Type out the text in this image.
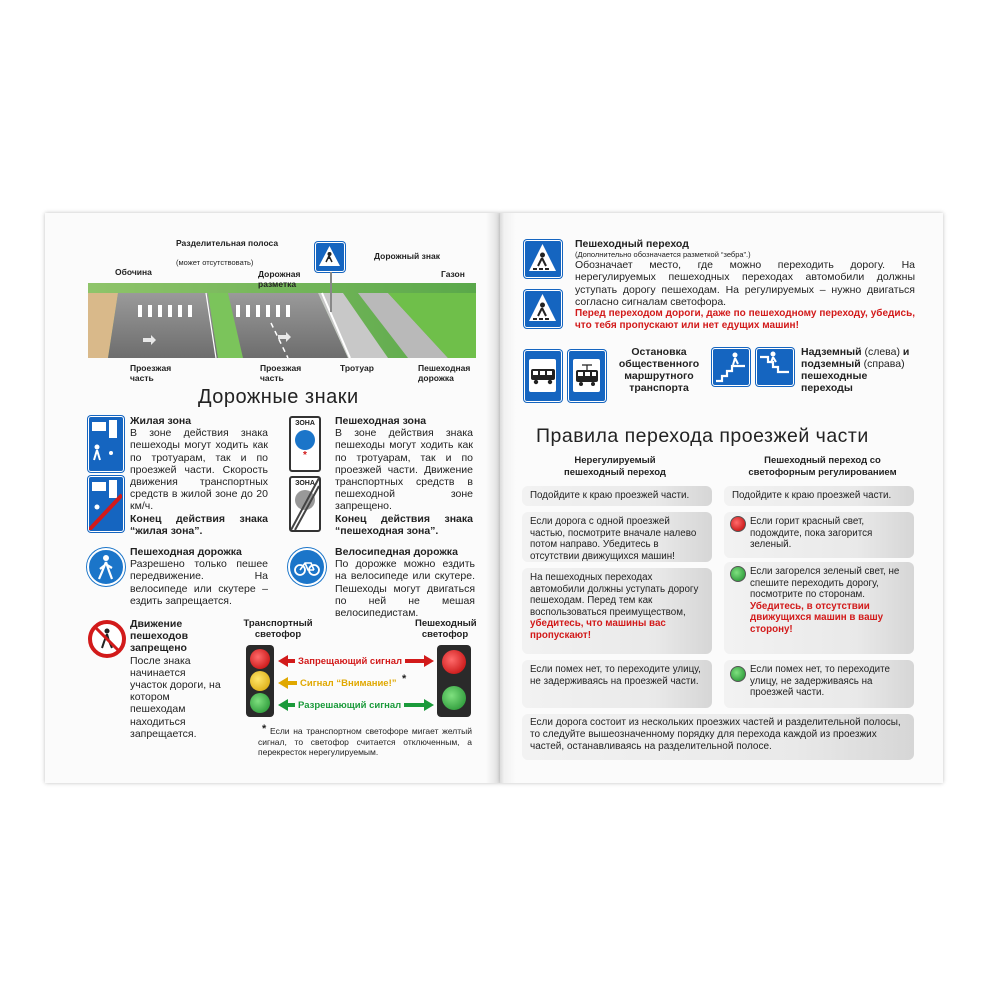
Разделительная полоса
(может отсутствовать)
Обочина	Дорожная разметка
Дорожный знак
Газон
Проезжая часть
Проезжая часть
Тротуар	Пешеходная дорожка
Дорожные знаки
Жилая зона
В зоне действия знака пешеходы могут ходить как по тротуарам, так и по проезжей части. Скорость движения транспортных средств в жилой зоне до 20 км/ч.
Конец действия знака “жилая зона”.
ЗОНА
*
ЗОНА
Пешеходная зона
В зоне действия знака пешеходы могут ходить как по тротуарам, так и по проезжей части. Движение транспортных средств в пешеходной зоне запрещено.
Конец действия знака “пешеходная зона”.
Пешеходная дорожка
Разрешено только пешее передвижение. На велосипеде или скутере – ездить запрещается.
Велосипедная дорожка
По дорожке можно ездить на велосипеде или скутере. Пешеходы могут двигаться по ней не мешая велосипедистам.
Движение пешеходов запрещено
После знака начинается участок дороги, на котором пешеходам находиться запрещается.
Транспортный светофор
Пешеходный светофор
Запрещающий сигнал
Сигнал “Внимание!” *
Разрешающий сигнал
* Если на транспортном светофоре мигает желтый сигнал, то светофор считается отключенным, а перекресток нерегулируемым.
Пешеходный переход
(Дополнительно обозначается разметкой “зебра”.)
Обозначает место, где можно переходить дорогу. На нерегулируемых пешеходных переходах автомобили должны уступать дорогу пешеходам. На регулируемых – нужно двигаться согласно сигналам светофора.
Перед переходом дороги, даже по пешеходному переходу, убедись, что тебя пропускают или нет едущих машин!
Остановка общественного маршрутного транспорта
Надземный (слева) и подземный (справа) пешеходные переходы
Правила перехода проезжей части
Нерегулируемый пешеходный переход
Пешеходный переход со светофорным регулированием
Подойдите к краю проезжей части.
Если дорога с одной проезжей частью, посмотрите вначале налево потом направо. Убедитесь в отсутствии движущихся машин!
На пешеходных переходах автомобили должны уступать дорогу пешеходам. Перед тем как воспользоваться преимуществом, убедитесь, что машины вас пропускают!
Если помех нет, то переходите улицу, не задерживаясь на проезжей части.
Подойдите к краю проезжей части.
Если горит красный свет, подождите, пока загорится зеленый.
Если загорелся зеленый свет, не спешите переходить дорогу, посмотрите по сторонам.
Убедитесь, в отсутствии движущихся машин в вашу сторону!
Если помех нет, то переходите улицу, не задерживаясь на проезжей части.
Если дорога состоит из нескольких проезжих частей и разделительной полосы, то следуйте вышеозначенному порядку для перехода каждой из проезжих частей, останавливаясь на разделительной полосе.
